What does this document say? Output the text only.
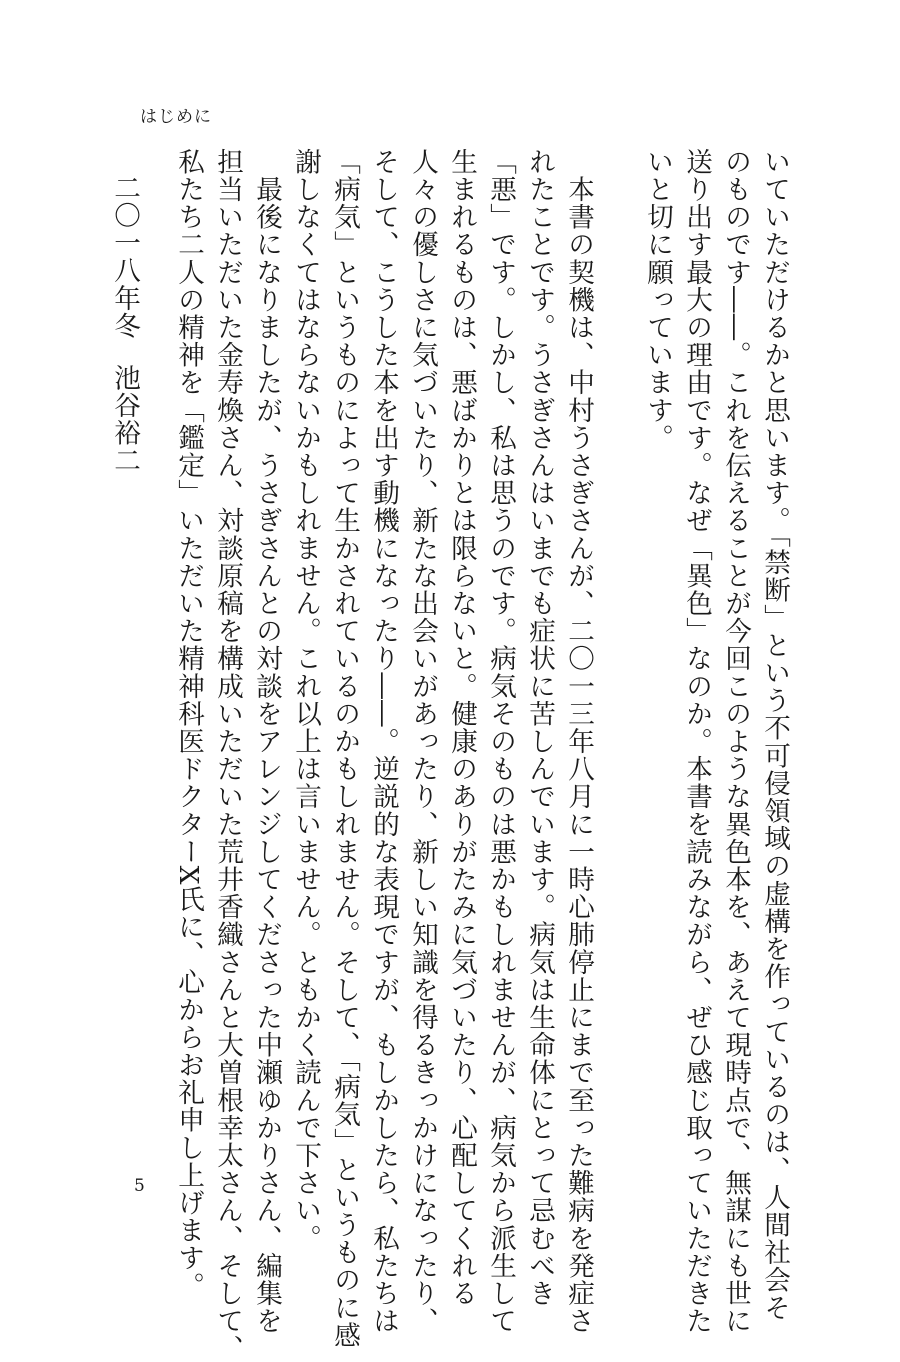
はじめに
いていただけるかと思います。「禁断」という不可侵領域の虚構を作っているのは、人間社会そ
のものです――。これを伝えることが今回このような異色本を、あえて現時点で、無謀にも世に
送り出す最大の理由です。なぜ「異色」なのか。本書を読みながら、ぜひ感じ取っていただきた
いと切に願っています。
　本書の契機は、中村うさぎさんが、二〇一三年八月に一時心肺停止にまで至った難病を発症さ
れたことです。うさぎさんはいまでも症状に苦しんでいます。病気は生命体にとって忌むべき
「悪」です。しかし、私は思うのです。病気そのものは悪かもしれませんが、病気から派生して
生まれるものは、悪ばかりとは限らないと。健康のありがたみに気づいたり、心配してくれる
人々の優しさに気づいたり、新たな出会いがあったり、新しい知識を得るきっかけになったり、
そして、こうした本を出す動機になったり――。逆説的な表現ですが、もしかしたら、私たちは
「病気」というものによって生かされているのかもしれません。そして、「病気」というものに感
謝しなくてはならないかもしれません。これ以上は言いません。ともかく読んで下さい。
　最後になりましたが、うさぎさんとの対談をアレンジしてくださった中瀬ゆかりさん、編集を
担当いただいた金寿煥さん、対談原稿を構成いただいた荒井香織さんと大曽根幸太さん、そして、
私たち二人の精神を「鑑定」いただいた精神科医ドクターX氏に、心からお礼申し上げます。
二〇一八年冬池谷裕二
5
